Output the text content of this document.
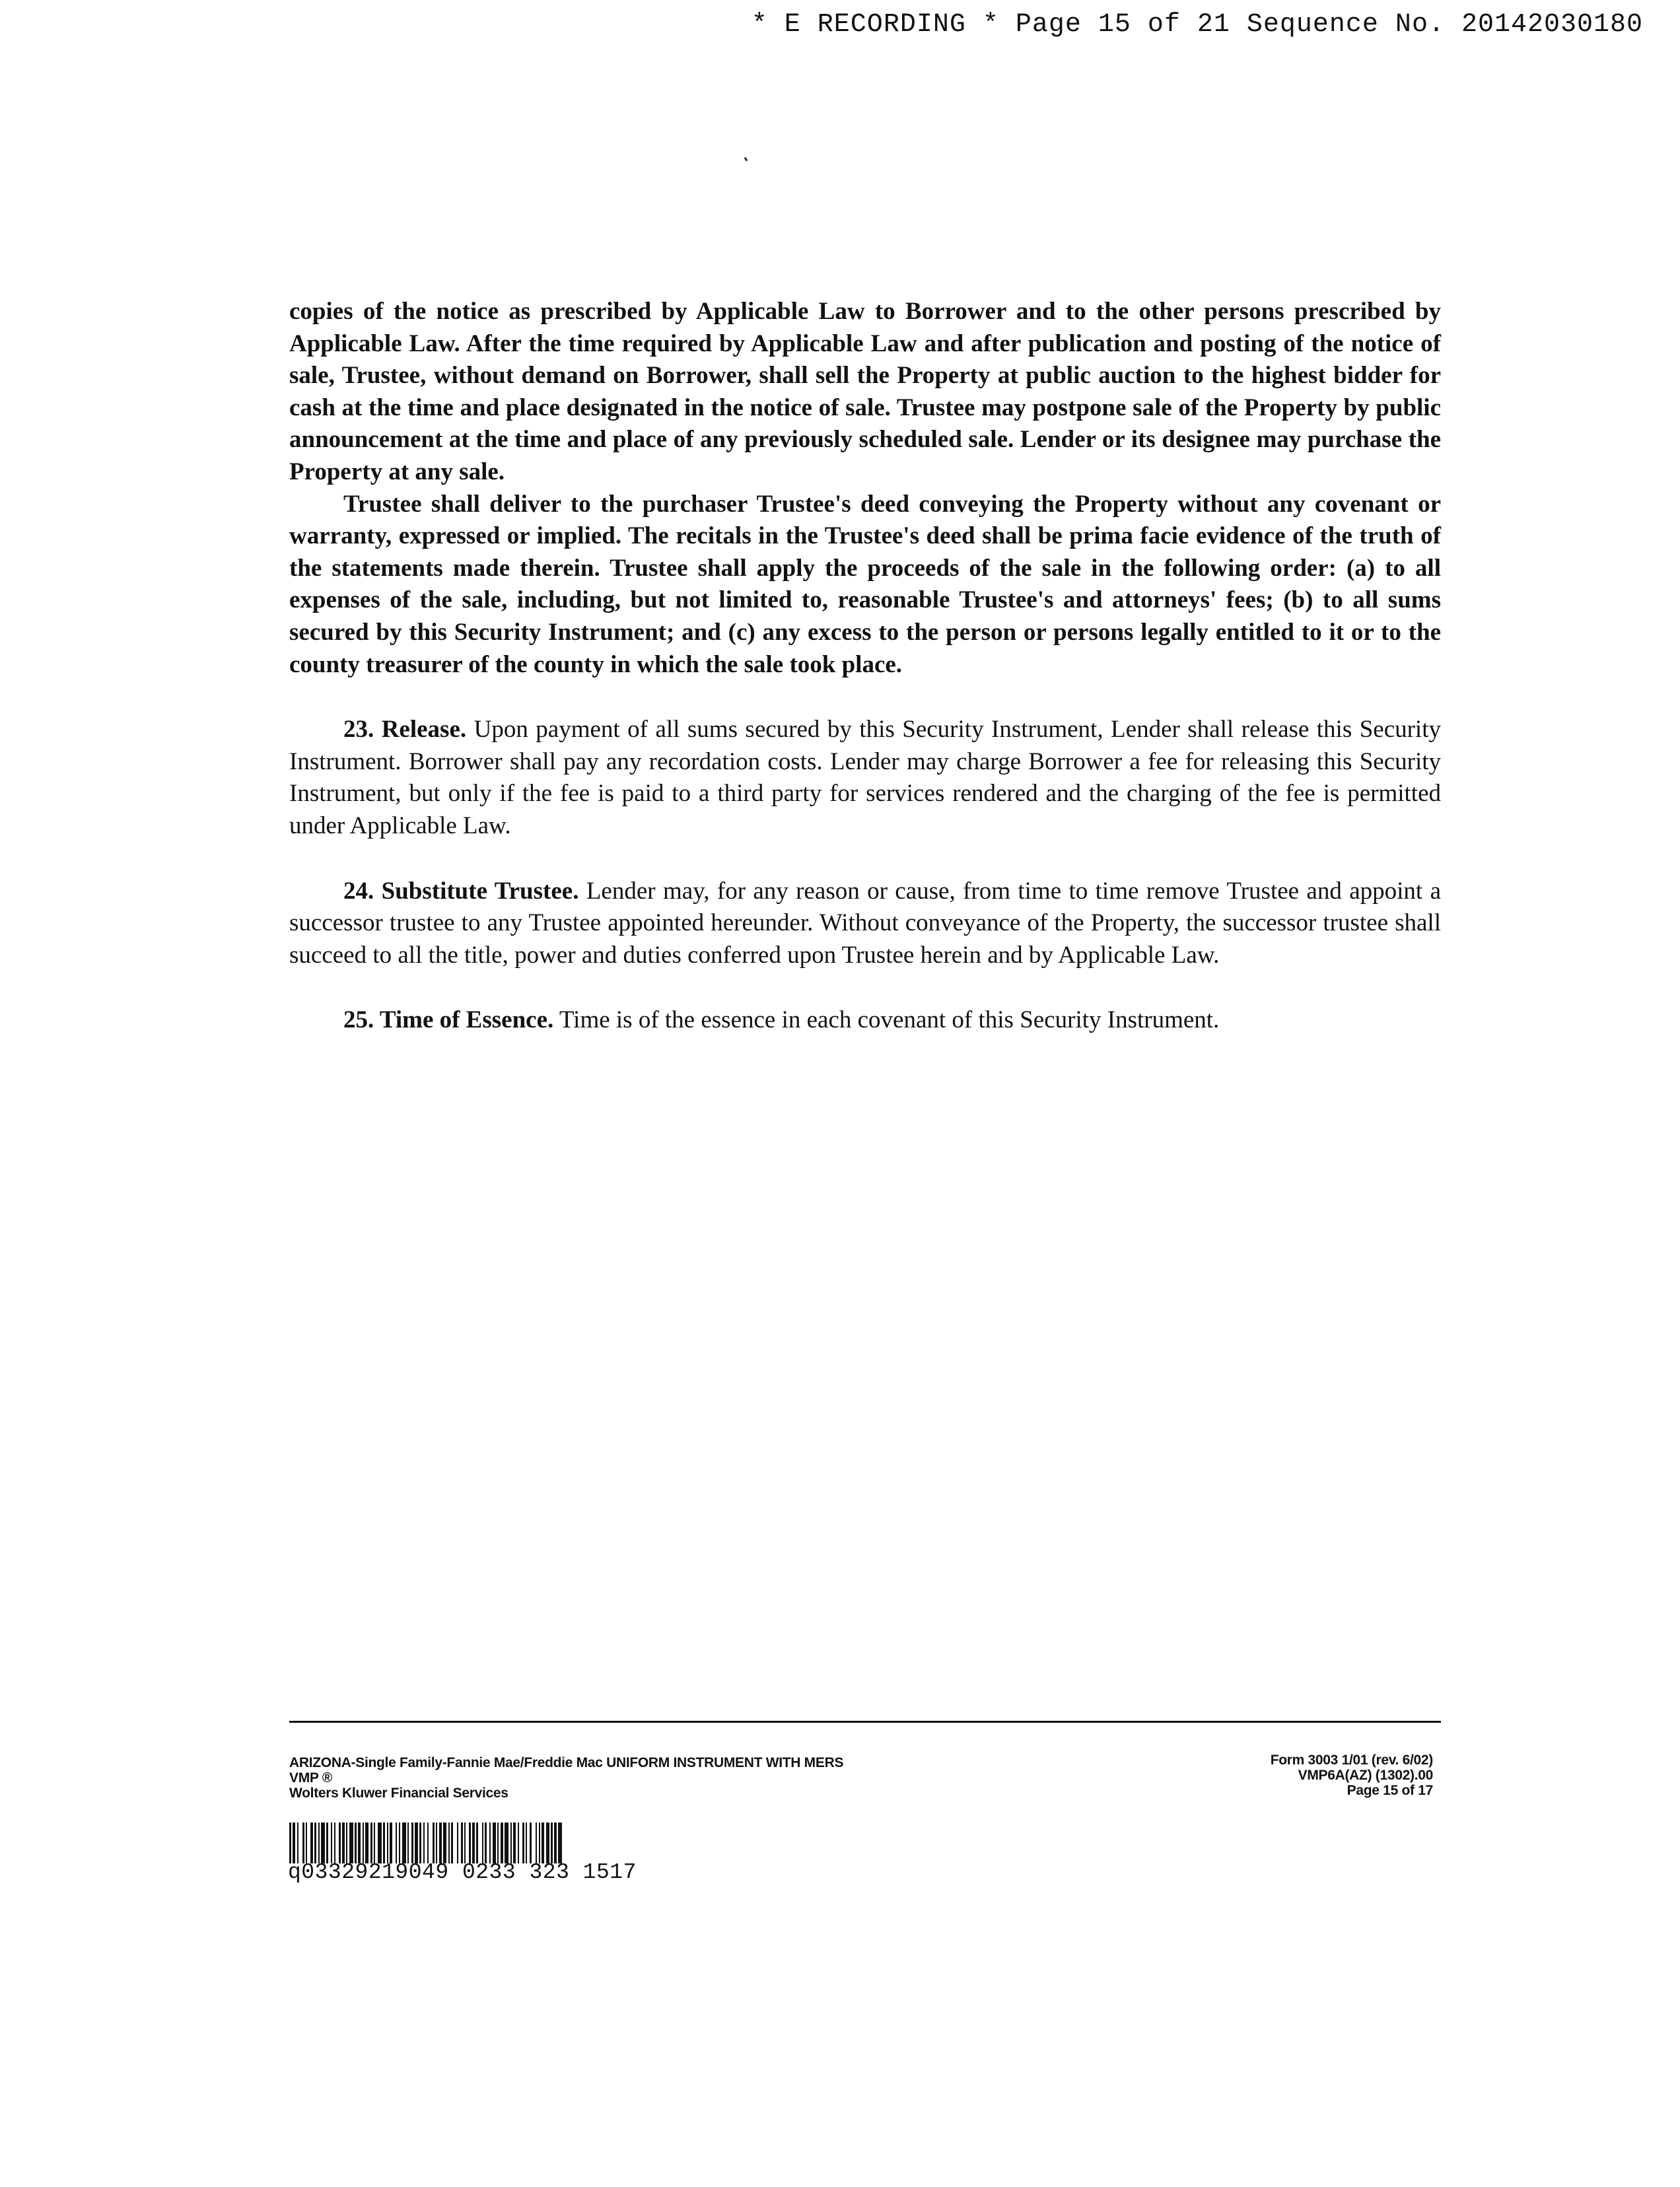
* E RECORDING * Page 15 of 21 Sequence No. 20142030180

copies of the notice as prescribed by Applicable Law to Borrower and to the other persons prescribed by Applicable Law. After the time required by Applicable Law and after publication and posting of the notice of sale, Trustee, without demand on Borrower, shall sell the Property at public auction to the highest bidder for cash at the time and place designated in the notice of sale. Trustee may postpone sale of the Property by public announcement at the time and place of any previously scheduled sale. Lender or its designee may purchase the Property at any sale.

Trustee shall deliver to the purchaser Trustee's deed conveying the Property without any covenant or warranty, expressed or implied. The recitals in the Trustee's deed shall be prima facie evidence of the truth of the statements made therein. Trustee shall apply the proceeds of the sale in the following order: (a) to all expenses of the sale, including, but not limited to, reasonable Trustee's and attorneys' fees; (b) to all sums secured by this Security Instrument; and (c) any excess to the person or persons legally entitled to it or to the county treasurer of the county in which the sale took place.

23. Release. Upon payment of all sums secured by this Security Instrument, Lender shall release this Security Instrument. Borrower shall pay any recordation costs. Lender may charge Borrower a fee for releasing this Security Instrument, but only if the fee is paid to a third party for services rendered and the charging of the fee is permitted under Applicable Law.

24. Substitute Trustee. Lender may, for any reason or cause, from time to time remove Trustee and appoint a successor trustee to any Trustee appointed hereunder. Without conveyance of the Property, the successor trustee shall succeed to all the title, power and duties conferred upon Trustee herein and by Applicable Law.

25. Time of Essence. Time is of the essence in each covenant of this Security Instrument.

ARIZONA-Single Family-Fannie Mae/Freddie Mac UNIFORM INSTRUMENT WITH MERS
VMP ®
Wolters Kluwer Financial Services
Form 3003 1/01 (rev. 6/02)
VMP6A(AZ) (1302).00
Page 15 of 17
q03329219049 0233 323 1517
